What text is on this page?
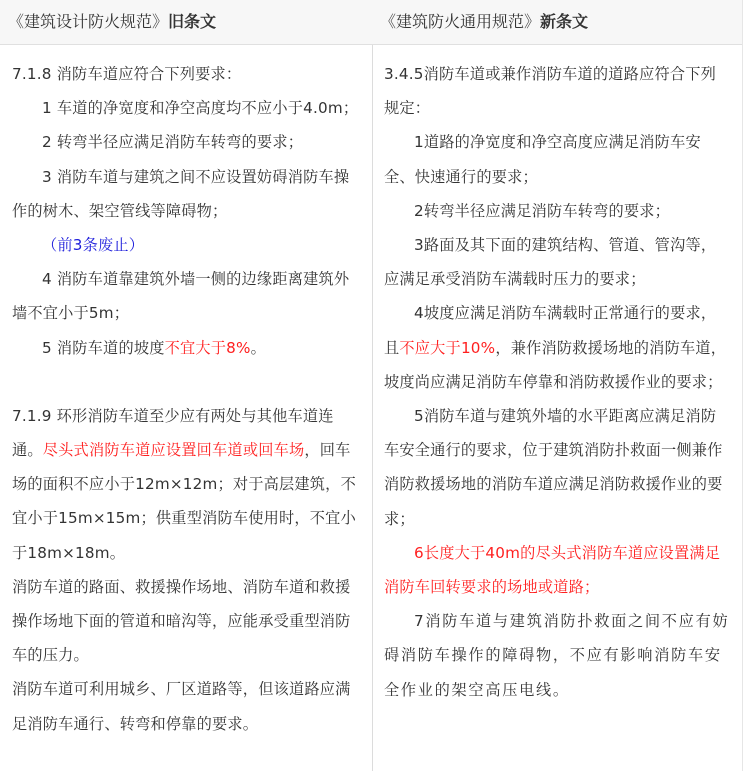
《建筑设计防火规范》旧条文

7.1.8 消防车道应符合下列要求：

1 车道的净宽度和净空高度均不应小于4.0m；

2 转弯半径应满足消防车转弯的要求；

3 消防车道与建筑之间不应设置妨碍消防车操作的树木、架空管线等障碍物；

（前3条废止）

4 消防车道靠建筑外墙一侧的边缘距离建筑外墙不宜小于5m；

5 消防车道的坡度不宜大于8%。

7.1.9 环形消防车道至少应有两处与其他车道连通。尽头式消防车道应设置回车道或回车场，回车场的面积不应小于12m×12m；对于高层建筑，不宜小于15m×15m；供重型消防车使用时，不宜小于18m×18m。

消防车道的路面、救援操作场地、消防车道和救援操作场地下面的管道和暗沟等，应能承受重型消防车的压力。

消防车道可利用城乡、厂区道路等，但该道路应满足消防车通行、转弯和停靠的要求。

《建筑防火通用规范》新条文

3.4.5消防车道或兼作消防车道的道路应符合下列规定：

1道路的净宽度和净空高度应满足消防车安全、快速通行的要求；

2转弯半径应满足消防车转弯的要求；

3路面及其下面的建筑结构、管道、管沟等，应满足承受消防车满载时压力的要求；

4坡度应满足消防车满载时正常通行的要求，且不应大于10%，兼作消防救援场地的消防车道，坡度尚应满足消防车停靠和消防救援作业的要求；

5消防车道与建筑外墙的水平距离应满足消防车安全通行的要求，位于建筑消防扑救面一侧兼作消防救援场地的消防车道应满足消防救援作业的要求；

6长度大于40m的尽头式消防车道应设置满足消防车回转要求的场地或道路；

7消防车道与建筑消防扑救面之间不应有妨碍消防车操作的障碍物，不应有影响消防车安全作业的架空高压电线。
